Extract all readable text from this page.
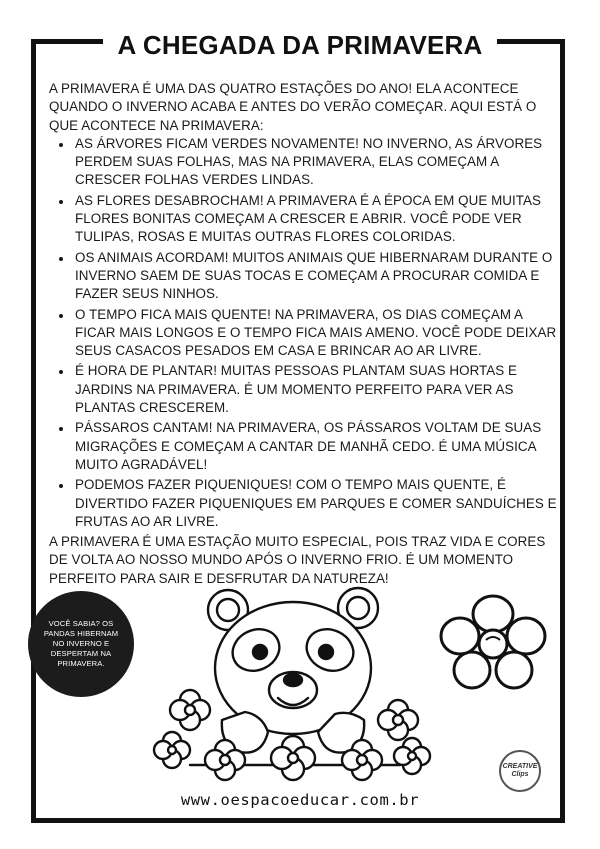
A CHEGADA DA PRIMAVERA

A PRIMAVERA É UMA DAS QUATRO ESTAÇÕES DO ANO! ELA ACONTECE QUANDO O INVERNO ACABA E ANTES DO VERÃO COMEÇAR. AQUI ESTÁ O QUE ACONTECE NA PRIMAVERA:

• AS ÁRVORES FICAM VERDES NOVAMENTE! NO INVERNO, AS ÁRVORES PERDEM SUAS FOLHAS, MAS NA PRIMAVERA, ELAS COMEÇAM A CRESCER FOLHAS VERDES LINDAS.
• AS FLORES DESABROCHAM! A PRIMAVERA É A ÉPOCA EM QUE MUITAS FLORES BONITAS COMEÇAM A CRESCER E ABRIR. VOCÊ PODE VER TULIPAS, ROSAS E MUITAS OUTRAS FLORES COLORIDAS.
• OS ANIMAIS ACORDAM! MUITOS ANIMAIS QUE HIBERNARAM DURANTE O INVERNO SAEM DE SUAS TOCAS E COMEÇAM A PROCURAR COMIDA E FAZER SEUS NINHOS.
• O TEMPO FICA MAIS QUENTE! NA PRIMAVERA, OS DIAS COMEÇAM A FICAR MAIS LONGOS E O TEMPO FICA MAIS AMENO. VOCÊ PODE DEIXAR SEUS CASACOS PESADOS EM CASA E BRINCAR AO AR LIVRE.
• É HORA DE PLANTAR! MUITAS PESSOAS PLANTAM SUAS HORTAS E JARDINS NA PRIMAVERA. É UM MOMENTO PERFEITO PARA VER AS PLANTAS CRESCEREM.
• PÁSSAROS CANTAM! NA PRIMAVERA, OS PÁSSAROS VOLTAM DE SUAS MIGRAÇÕES E COMEÇAM A CANTAR DE MANHÃ CEDO. É UMA MÚSICA MUITO AGRADÁVEL!
• PODEMOS FAZER PIQUENIQUES! COM O TEMPO MAIS QUENTE, É DIVERTIDO FAZER PIQUENIQUES EM PARQUES E COMER SANDUÍCHES E FRUTAS AO AR LIVRE.

A PRIMAVERA É UMA ESTAÇÃO MUITO ESPECIAL, POIS TRAZ VIDA E CORES DE VOLTA AO NOSSO MUNDO APÓS O INVERNO FRIO. É UM MOMENTO PERFEITO PARA SAIR E DESFRUTAR DA NATUREZA!

VOCÊ SABIA? OS PANDAS HIBERNAM NO INVERNO E DESPERTAM NA PRIMAVERA.
CREATIVE
Clips
www.oespacoeducar.com.br
